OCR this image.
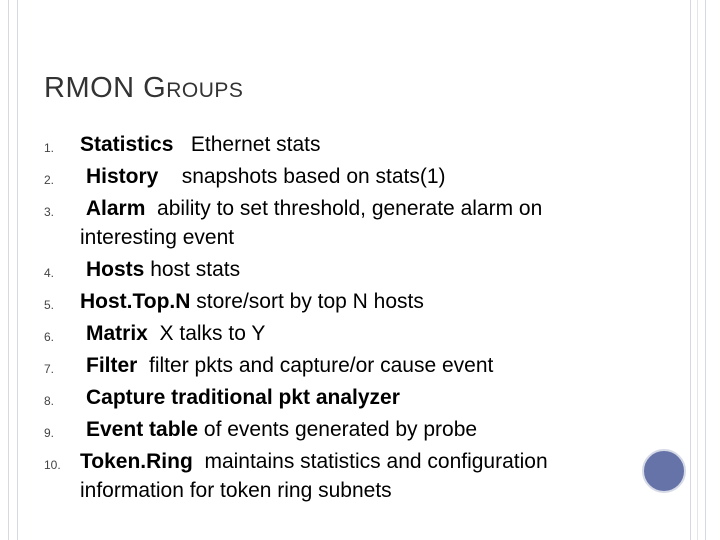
RMON GROUPS
1. Statistics Ethernet stats
2. History snapshots based on stats(1)
3. Alarm ability to set threshold, generate alarm on interesting event
4. Hosts host stats
5. Host.Top.N store/sort by top N hosts
6. Matrix X talks to Y
7. Filter filter pkts and capture/or cause event
8. Capture traditional pkt analyzer
9. Event table of events generated by probe
10. Token.Ring maintains statistics and configuration information for token ring subnets
